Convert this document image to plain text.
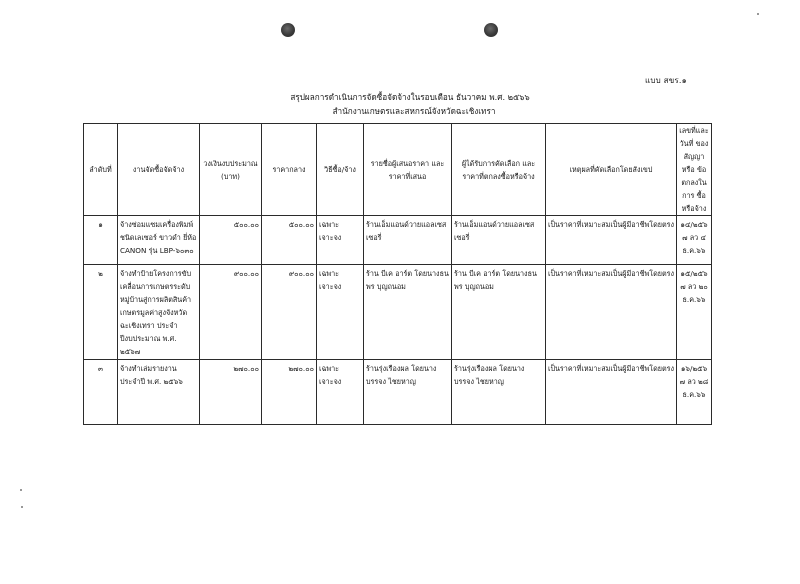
แบบ สขร.๑
สรุปผลการดำเนินการจัดซื้อจัดจ้างในรอบเดือน ธันวาคม พ.ศ. ๒๕๖๖
สำนักงานเกษตรและสหกรณ์จังหวัดฉะเชิงเทรา
ลำดับที่	งานจัดซื้อจัดจ้าง	วงเงินงบประมาณ (บาท)	ราคากลาง	วิธีซื้อ/จ้าง	รายชื่อผู้เสนอราคา และราคาที่เสนอ	ผู้ได้รับการคัดเลือก และราคาที่ตกลงซื้อหรือจ้าง	เหตุผลที่คัดเลือกโดยสังเขป	เลขที่และวันที่ ของสัญญาหรือ ข้อตกลงในการ ซื้อหรือจ้าง
๑	จ้างซ่อมแซมเครื่องพิมพ์ชนิดเลเซอร์ ขาวดำ ยี่ห้อ CANON รุ่น LBP-๖๐๓๐	๕๐๐.๐๐	๕๐๐.๐๐	เฉพาะเจาะจง	ร้านเอ็มแอนด์วายแอลเซสเซอรี่	ร้านเอ็มแอนด์วายแอลเซสเซอรี่	เป็นราคาที่เหมาะสมเป็นผู้มีอาชีพโดยตรง	๑๔/๒๕๖๗ ลว ๔ ธ.ค.๖๖
๒	จ้างทำป้ายโครงการขับเคลื่อนการเกษตรระดับหมู่บ้านสู่การผลิตสินค้าเกษตรมูลค่าสูงจังหวัดฉะเชิงเทรา ประจำปีงบประมาณ พ.ศ. ๒๕๖๗	๙๐๐.๐๐	๙๐๐.๐๐	เฉพาะเจาะจง	ร้าน บีเค อาร์ต โดยนางธนพร บุญถนอม	ร้าน บีเค อาร์ต โดยนางธนพร บุญถนอม	เป็นราคาที่เหมาะสมเป็นผู้มีอาชีพโดยตรง	๑๕/๒๕๖๗ ลว ๒๐ ธ.ค.๖๖
๓	จ้างทำเล่มรายงานประจำปี พ.ศ. ๒๕๖๖	๒๗๐.๐๐	๒๗๐.๐๐	เฉพาะเจาะจง	ร้านรุ่งเรืองผล โดยนางบรรจง ไชยหาญ	ร้านรุ่งเรืองผล โดยนางบรรจง ไชยหาญ	เป็นราคาที่เหมาะสมเป็นผู้มีอาชีพโดยตรง	๑๖/๒๕๖๗ ลว ๒๘ ธ.ค.๖๖
